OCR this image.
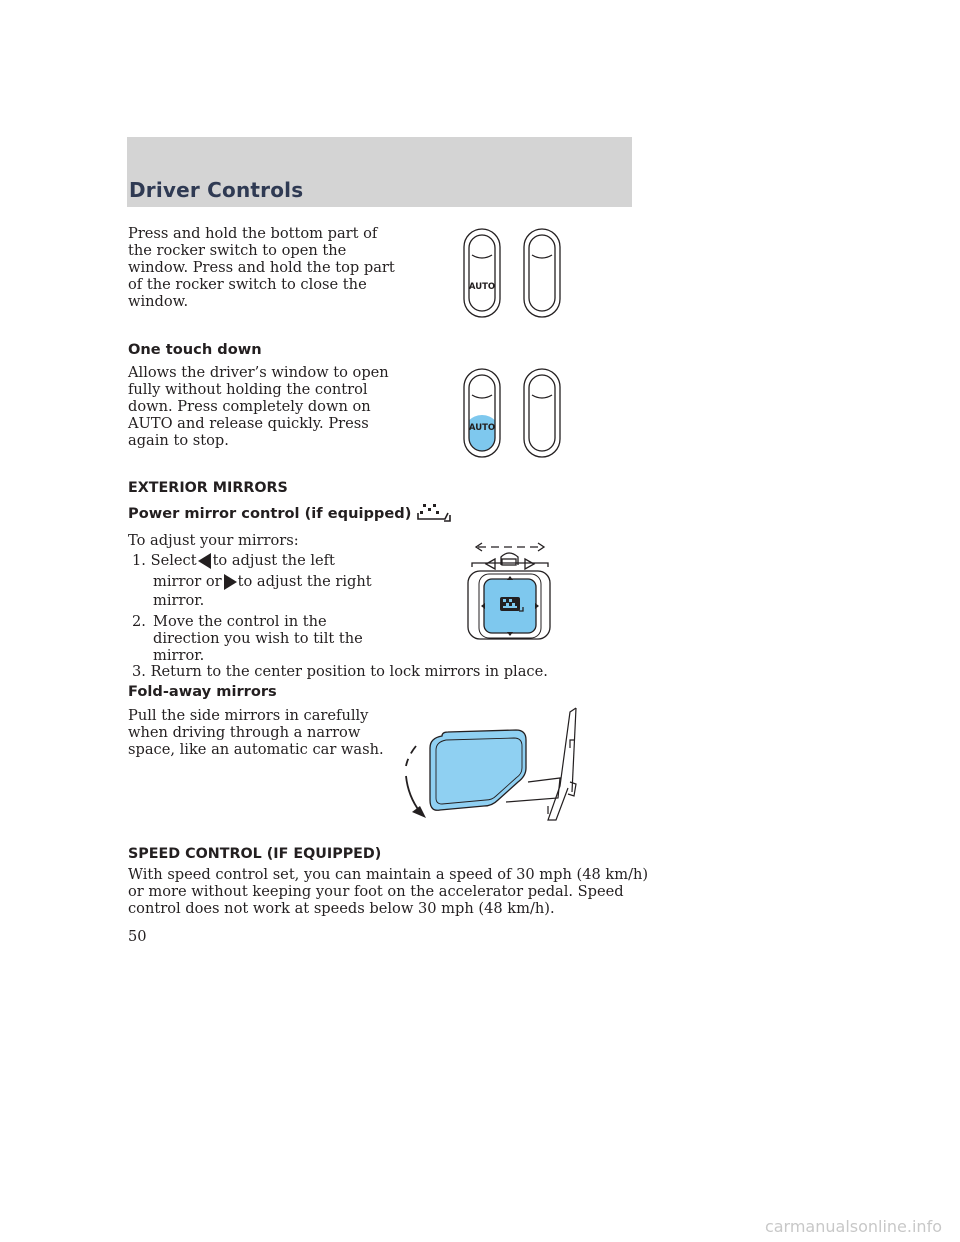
Driver Controls
Press and hold the bottom part of
the rocker switch to open the
window. Press and hold the top part
of the rocker switch to close the
window.
AUTO
One touch down
Allows the driver’s window to open
fully without holding the control
down. Press completely down on
AUTO and release quickly. Press
again to stop.
AUTO
EXTERIOR MIRRORS
Power mirror control (if equipped)
To adjust your mirrors:
1. Select to adjust the left
mirror or to adjust the right
mirror.
2. Move the control in the
direction you wish to tilt the
mirror.
3. Return to the center position to lock mirrors in place.
Fold-away mirrors
Pull the side mirrors in carefully
when driving through a narrow
space, like an automatic car wash.
SPEED CONTROL (IF EQUIPPED)
With speed control set, you can maintain a speed of 30 mph (48 km/h)
or more without keeping your foot on the accelerator pedal. Speed
control does not work at speeds below 30 mph (48 km/h).
50
carmanualsonline.info
